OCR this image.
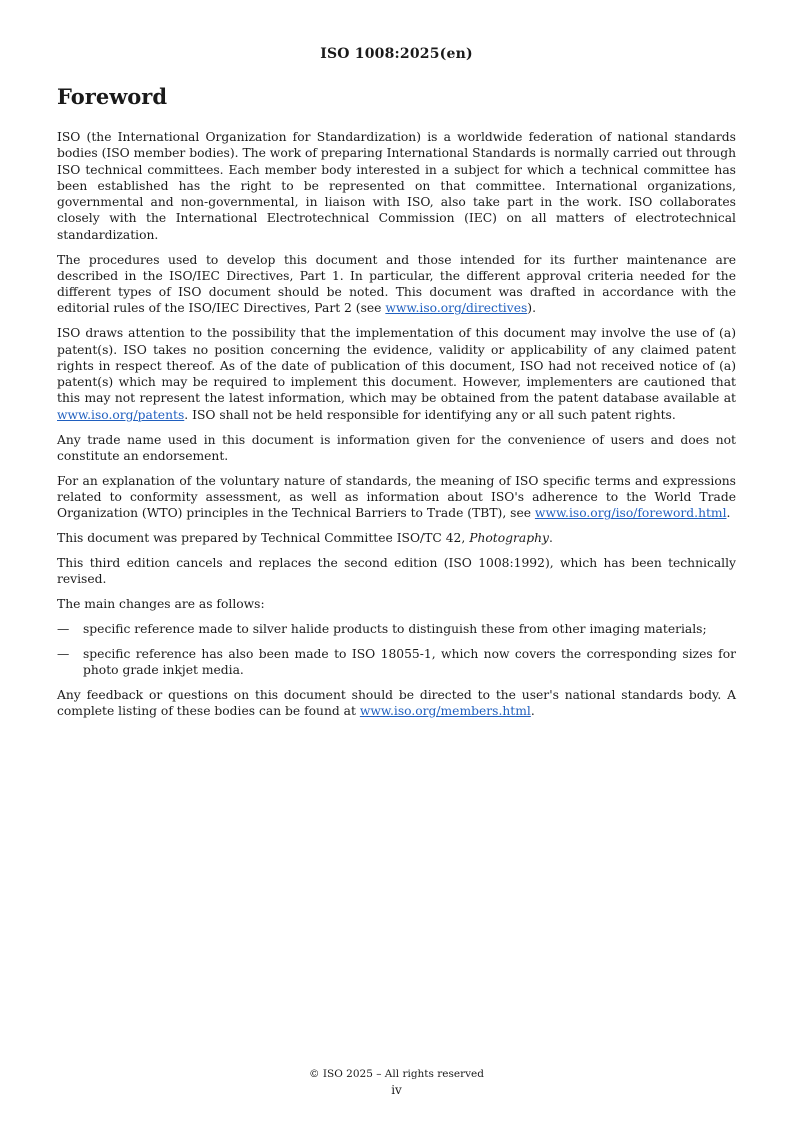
ISO 1008:2025(en)
Foreword

ISO (the International Organization for Standardization) is a worldwide federation of national standards bodies (ISO member bodies). The work of preparing International Standards is normally carried out through ISO technical committees. Each member body interested in a subject for which a technical committee has been established has the right to be represented on that committee. International organizations, governmental and non-governmental, in liaison with ISO, also take part in the work. ISO collaborates closely with the International Electrotechnical Commission (IEC) on all matters of electrotechnical standardization.

The procedures used to develop this document and those intended for its further maintenance are described in the ISO/IEC Directives, Part 1. In particular, the different approval criteria needed for the different types of ISO document should be noted. This document was drafted in accordance with the editorial rules of the ISO/IEC Directives, Part 2 (see www.iso.org/directives).

ISO draws attention to the possibility that the implementation of this document may involve the use of (a) patent(s). ISO takes no position concerning the evidence, validity or applicability of any claimed patent rights in respect thereof. As of the date of publication of this document, ISO had not received notice of (a) patent(s) which may be required to implement this document. However, implementers are cautioned that this may not represent the latest information, which may be obtained from the patent database available at www.iso.org/patents. ISO shall not be held responsible for identifying any or all such patent rights.

Any trade name used in this document is information given for the convenience of users and does not constitute an endorsement.

For an explanation of the voluntary nature of standards, the meaning of ISO specific terms and expressions related to conformity assessment, as well as information about ISO's adherence to the World Trade Organization (WTO) principles in the Technical Barriers to Trade (TBT), see www.iso.org/iso/foreword.html.

This document was prepared by Technical Committee ISO/TC 42, Photography.

This third edition cancels and replaces the second edition (ISO 1008:1992), which has been technically revised.

The main changes are as follows:

—	specific reference made to silver halide products to distinguish these from other imaging materials;
—	specific reference has also been made to ISO 18055-1, which now covers the corresponding sizes for photo grade inkjet media.

Any feedback or questions on this document should be directed to the user's national standards body. A complete listing of these bodies can be found at www.iso.org/members.html.

© ISO 2025 – All rights reserved
iv
